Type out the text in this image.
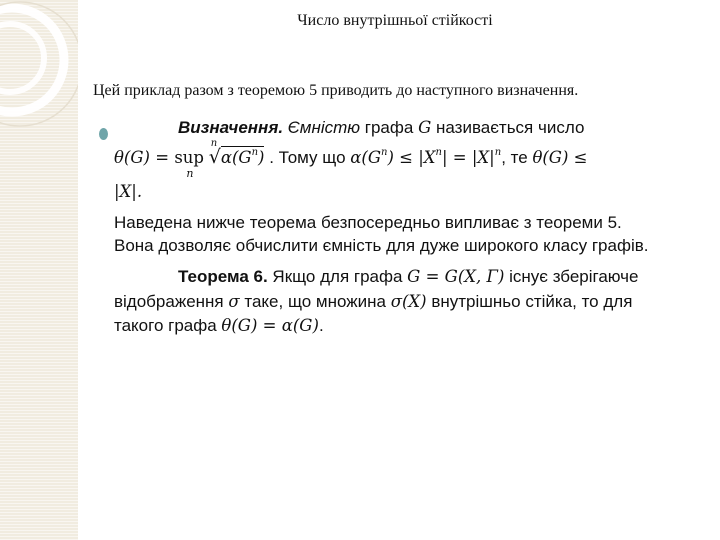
Число внутрішньої стійкості

Цей приклад разом з теоремою 5 приводить до наступного визначення.

Визначення. Ємністю графа G називається число

θ(G) = sup
n

n
$√\alpha(G^n)$ . Тому що $\alpha(G^n) \le |X^n| = |X|^n$, те θ(G) ≤

|X|.

Наведена нижче теорема безпосередньо випливає з теореми 5.

Вона дозволяє обчислити ємність для дуже широкого класу графів.

Теорема 6. Якщо для графа G = G(X, Γ) існує зберігаюче

відображення σ таке, що множина σ(X) внутрішньо стійка, то для

такого графа θ(G) = α(G).
